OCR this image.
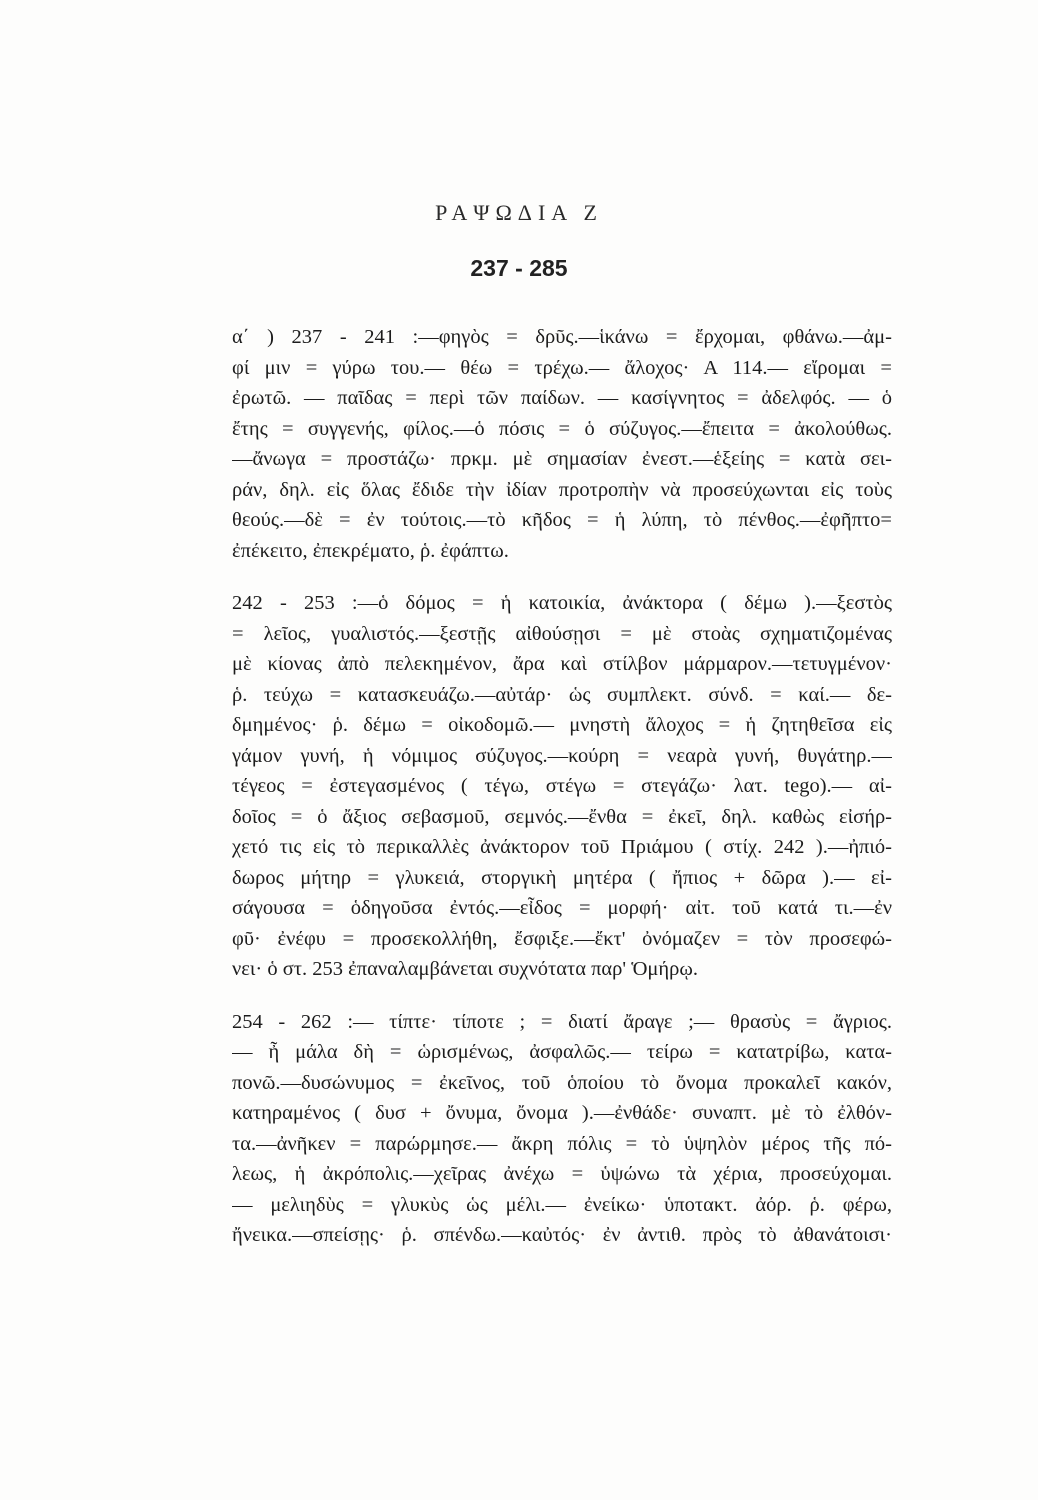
ΡΑΨΩΔΙΑ Ζ
237 - 285
α΄ ) 237 - 241 :—φηγὸς = δρῦς.—ἱκάνω = ἔρχομαι, φθάνω.—ἀμ-
φί μιν = γύρω του.— θέω = τρέχω.— ἄλοχος· Α 114.— εἴρομαι =
ἐρωτῶ. — παῖδας = περὶ τῶν παίδων. — κασίγνητος = ἀδελφός. — ὁ
ἔτης = συγγενής, φίλος.—ὁ πόσις = ὁ σύζυγος.—ἔπειτα = ἀκολούθως.
—ἄνωγα = προστάζω· πρκμ. μὲ σημασίαν ἐνεστ.—ἑξείης = κατὰ σει-
ράν, δηλ. εἰς ὅλας ἔδιδε τὴν ἰδίαν προτροπὴν νὰ προσεύχωνται εἰς τοὺς
θεούς.—δὲ = ἐν τούτοις.—τὸ κῆδος = ἡ λύπη, τὸ πένθος.—ἐφῆπτο=
ἐπέκειτο, ἐπεκρέματο, ῥ. ἐφάπτω.
242 - 253 :—ὁ δόμος = ἡ κατοικία, ἀνάκτορα ( δέμω ).—ξεστὸς
= λεῖος, γυαλιστός.—ξεστῇς αἰθούσῃσι = μὲ στοὰς σχηματιζομένας
μὲ κίονας ἀπὸ πελεκημένον, ἄρα καὶ στίλβον μάρμαρον.—τετυγμένον·
ῥ. τεύχω = κατασκευάζω.—αὐτάρ· ὡς συμπλεκτ. σύνδ. = καί.— δε-
δμημένος· ῥ. δέμω = οἰκοδομῶ.— μνηστὴ ἄλοχος = ἡ ζητηθεῖσα εἰς
γάμον γυνή, ἡ νόμιμος σύζυγος.—κούρη = νεαρὰ γυνή, θυγάτηρ.—
τέγεος = ἐστεγασμένος ( τέγω, στέγω = στεγάζω· λατ. tego).— αἰ-
δοῖος = ὁ ἄξιος σεβασμοῦ, σεμνός.—ἔνθα = ἐκεῖ, δηλ. καθὼς εἰσήρ-
χετό τις εἰς τὸ περικαλλὲς ἀνάκτορον τοῦ Πριάμου ( στίχ. 242 ).—ἠπιό-
δωρος μήτηρ = γλυκειά, στοργικὴ μητέρα ( ἤπιος + δῶρα ).— εἰ-
σάγουσα = ὁδηγοῦσα ἐντός.—εἶδος = μορφή· αἰτ. τοῦ κατά τι.—ἐν
φῦ· ἐνέφυ = προσεκολλήθη, ἔσφιξε.—ἔκτ' ὀνόμαζεν = τὸν προσεφώ-
νει· ὁ στ. 253 ἐπαναλαμβάνεται συχνότατα παρ' Ὁμήρῳ.
254 - 262 :— τίπτε· τίποτε ; = διατί ἄραγε ;— θρασὺς = ἄγριος.
— ἦ μάλα δὴ = ὡρισμένως, ἀσφαλῶς.— τείρω = κατατρίβω, κατα-
πονῶ.—δυσώνυμος = ἐκεῖνος, τοῦ ὁποίου τὸ ὄνομα προκαλεῖ κακόν,
κατηραμένος ( δυσ + ὄνυμα, ὄνομα ).—ἐνθάδε· συναπτ. μὲ τὸ ἐλθόν-
τα.—ἀνῆκεν = παρώρμησε.— ἄκρη πόλις = τὸ ὑψηλὸν μέρος τῆς πό-
λεως, ἡ ἀκρόπολις.—χεῖρας ἀνέχω = ὑψώνω τὰ χέρια, προσεύχομαι.
— μελιηδὺς = γλυκὺς ὡς μέλι.— ἐνείκω· ὑποτακτ. ἀόρ. ῥ. φέρω,
ἤνεικα.—σπείσῃς· ῥ. σπένδω.—καὐτός· ἐν ἀντιθ. πρὸς τὸ ἀθανάτοισι·
